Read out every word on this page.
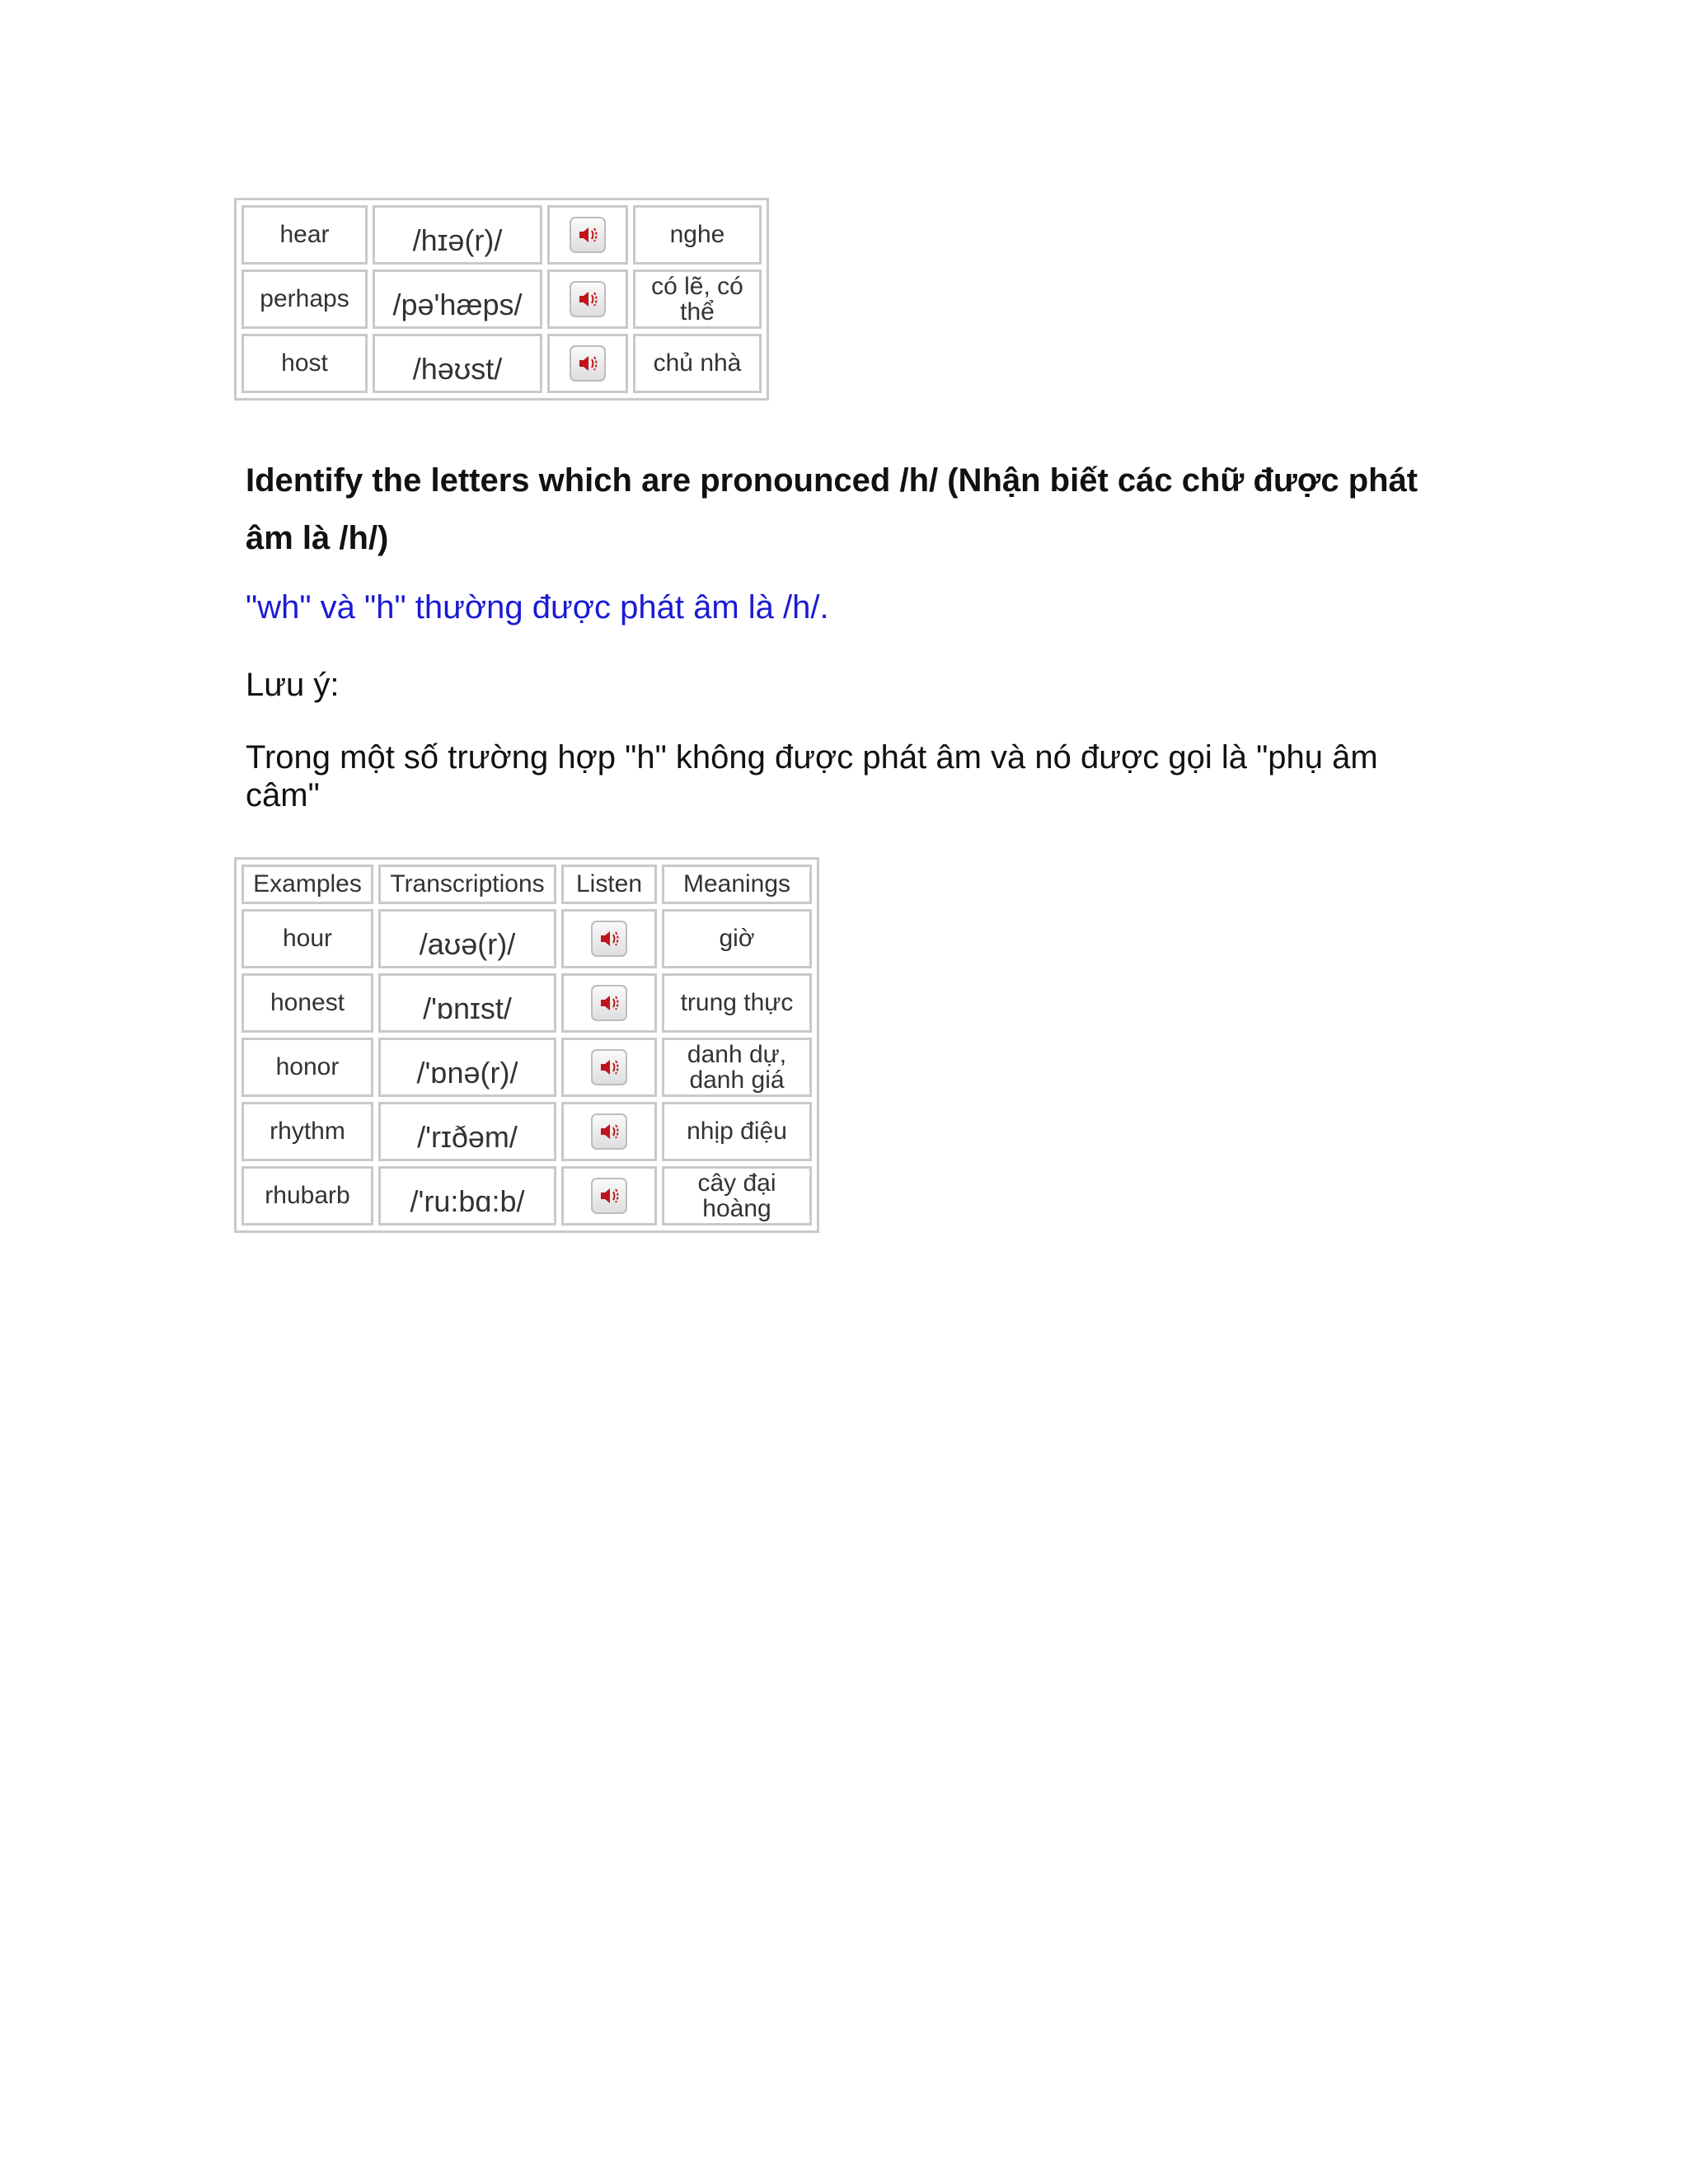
hear	/hɪə(r)/		nghe
perhaps	/pə'hæps/		có lẽ, có thể
host	/həʊst/		chủ nhà

Identify the letters which are pronounced /h/ (Nhận biết các chữ được phát âm là /h/)

"wh" và "h" thường được phát âm là /h/.

Lưu ý:

Trong một số trường hợp "h" không được phát âm và nó được gọi là "phụ âm câm"

Examples	Transcriptions	Listen	Meanings
hour	/aʊə(r)/		giờ
honest	/'ɒnɪst/		trung thực
honor	/'ɒnə(r)/		danh dự, danh giá
rhythm	/'rɪðəm/		nhịp điệu
rhubarb	/'ru:bɑ:b/		cây đại hoàng
